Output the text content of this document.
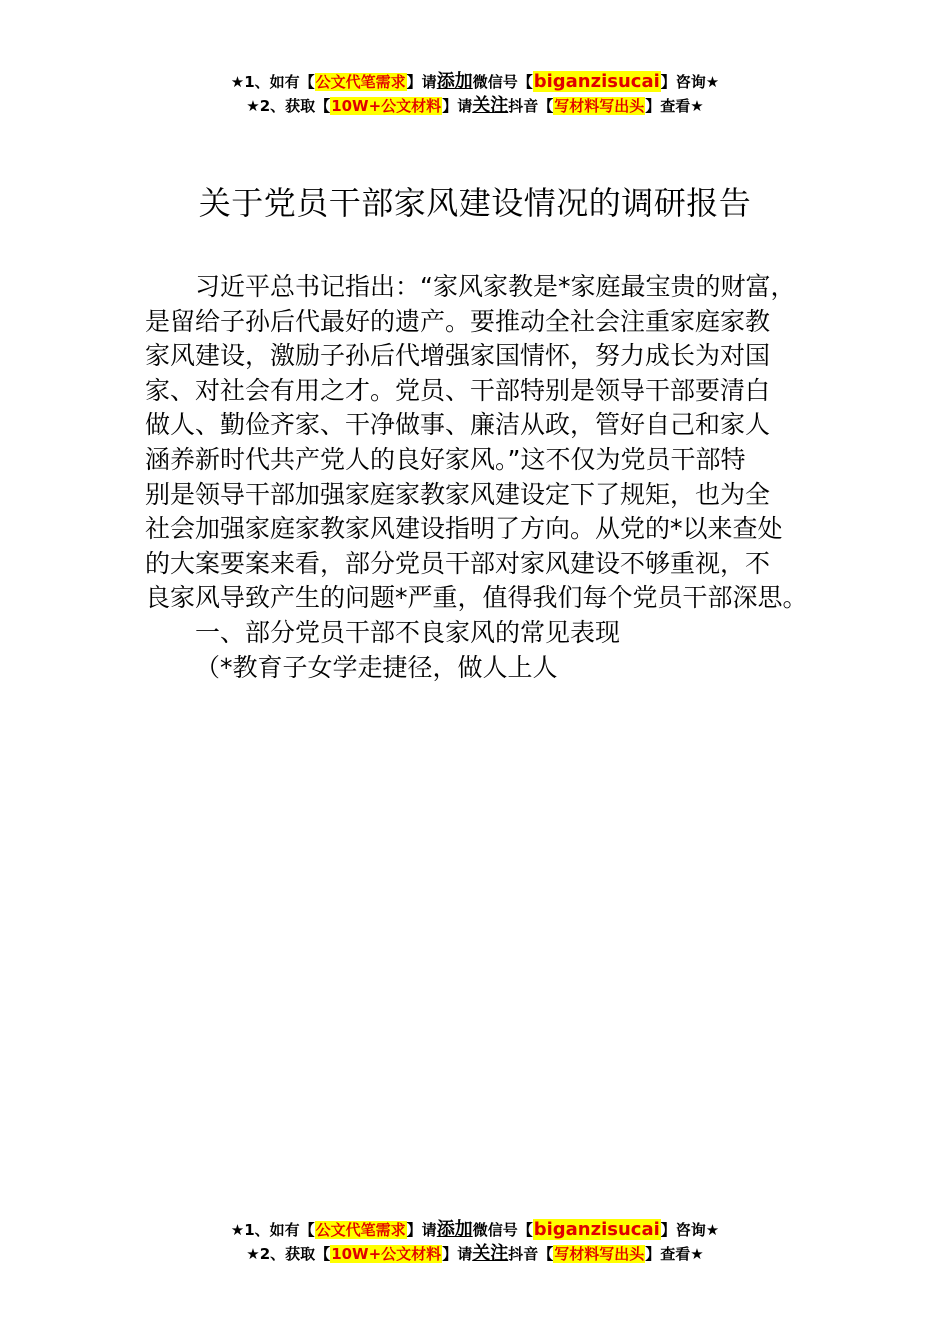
★1、如有【公文代笔需求】请添加微信号【biganzisucai】咨询★
★2、获取【10W+公文材料】请关注抖音【写材料写出头】查看★
关于党员干部家风建设情况的调研报告

习近平总书记指出：“家风家教是*家庭最宝贵的财富，
是留给子孙后代最好的遗产。要推动全社会注重家庭家教
家风建设，激励子孙后代增强家国情怀，努力成长为对国
家、对社会有用之才。党员、干部特别是领导干部要清白
做人、勤俭齐家、干净做事、廉洁从政，管好自己和家人
涵养新时代共产党人的良好家风。”这不仅为党员干部特
别是领导干部加强家庭家教家风建设定下了规矩，也为全
社会加强家庭家教家风建设指明了方向。从党的*以来查处
的大案要案来看，部分党员干部对家风建设不够重视，不
良家风导致产生的问题*严重，值得我们每个党员干部深思。

一、部分党员干部不良家风的常见表现

（*教育子女学走捷径，做人上人

★1、如有【公文代笔需求】请添加微信号【biganzisucai】咨询★
★2、获取【10W+公文材料】请关注抖音【写材料写出头】查看★
